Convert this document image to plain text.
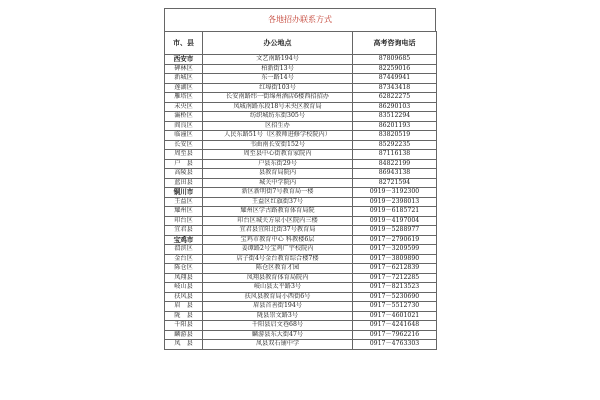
各地招办联系方式
市、县	办公地点	高考咨询电话
西安市	文艺南路194号	87809685
碑林区	柏新街13号	82259016
新城区	东一路14号	87449941
莲湖区	红埠街103号	87343418
雁塔区	长安南路纬一街绵州酒店6楼西招招办	62822275
未央区	凤城南路东段18号未央区教育局	86290103
灞桥区	纺织城纺东街305号	83512294
阎良区	区招生办	86201193
临潼区	人民东路51号（区教师进修学校院内）	83820519
长安区	韦曲南长安街152号	85292235
周至县	周至县中心街教育家院内	87116138
户　县	户县东街29号	84822199
高陵县	县教育局院内	86943138
蓝田县	城关中学院内	82721594
铜川市	新区新明街7号教育局一楼	0919－3192300
王益区	王益区红旗街37号	0919－2398013
耀州区	耀州区学古路教育体育局院	0919－6185721
印台区	印台区城关方泉小区院内三楼	0919－4197004
宜君县	宜君县宜阳北街37号教育局	0919－5288977
宝鸡市	宝鸡市教育中心 科教楼6层	0917－2790619
渭滨区	姜谭路2号宝鸡广宇校院内	0917－3209599
金台区	店子街4号金台教育综合楼7楼	0917－3809890
陈仓区	陈仓区教育才园	0917－6212839
凤翔县	凤翔县教育体育局院内	0917－7212285
岐山县	岐山县太平路3号	0917－8213523
扶风县	扶风县教育局小西街6号	0917－5230690
眉　县	眉县首善街194号	0917－5512730
陇　县	陇县崇文路3号	0917－4601021
千阳县	千阳县启文巷68号	0917－4241648
麟游县	麟游县东大街47号	0917－7962216
凤　县	凤县双石铺中学	0917－4763303
